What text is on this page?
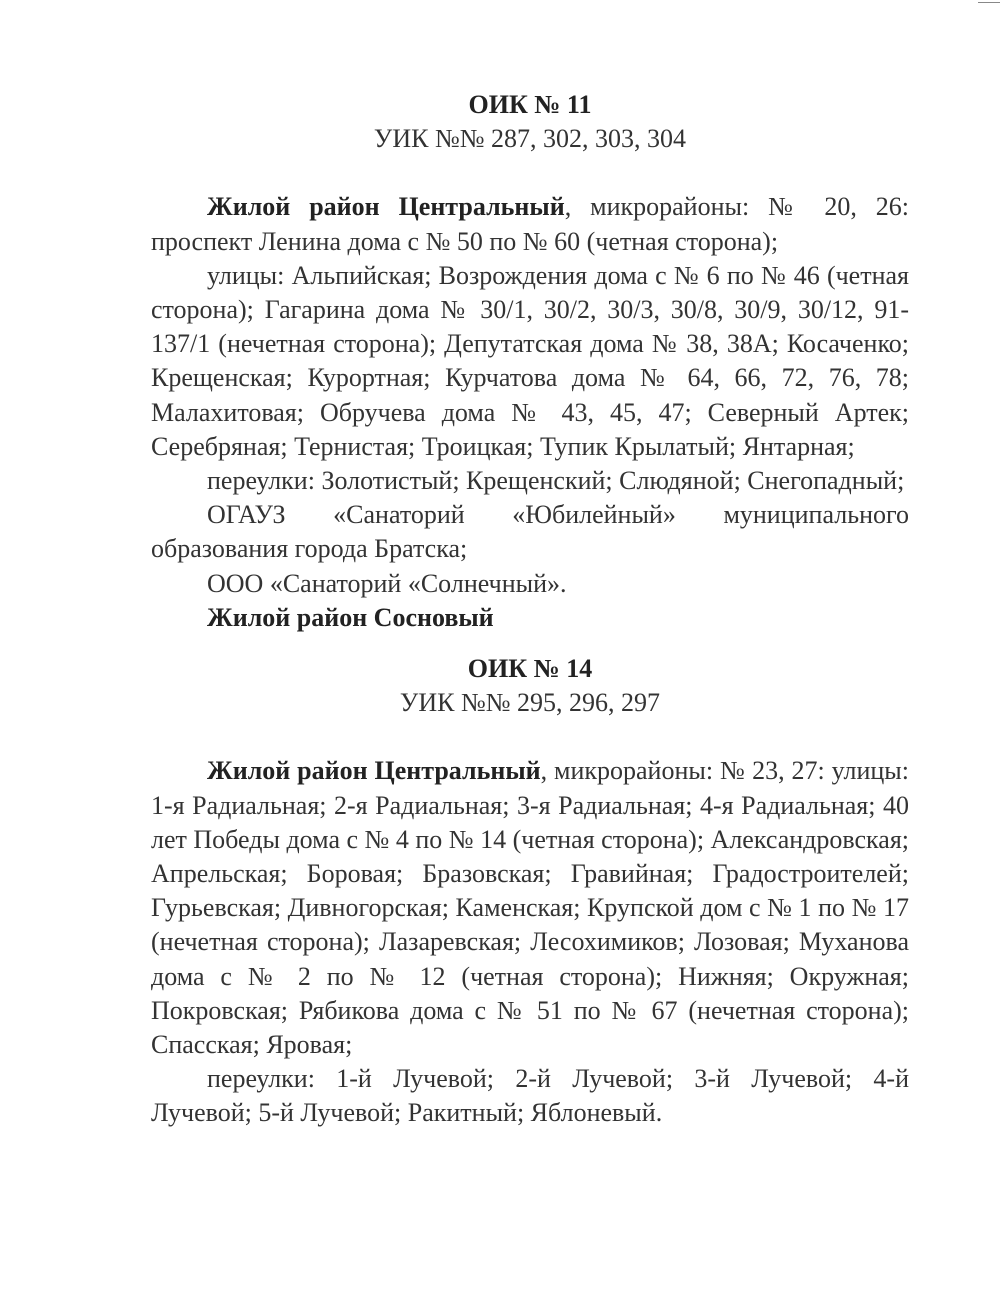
ОИК № 11
УИК №№ 287, 302, 303, 304

Жилой район Центральный, микрорайоны: № 20, 26: проспект Ленина дома с № 50 по № 60 (четная сторона);

улицы: Альпийская; Возрождения дома с № 6 по № 46 (четная сторона); Гагарина дома № 30/1, 30/2, 30/3, 30/8, 30/9, 30/12, 91-137/1 (нечетная сторона); Депутатская дома № 38, 38А; Косаченко; Крещенская; Курортная; Курчатова дома № 64, 66, 72, 76, 78; Малахитовая; Обручева дома № 43, 45, 47; Северный Артек; Серебряная; Тернистая; Троицкая; Тупик Крылатый; Янтарная;

переулки: Золотистый; Крещенский; Слюдяной; Снегопадный;

ОГАУЗ «Санаторий «Юбилейный» муниципального образования города Братска;

ООО «Санаторий «Солнечный».

Жилой район Сосновый
ОИК № 14
УИК №№ 295, 296, 297

Жилой район Центральный, микрорайоны: № 23, 27: улицы: 1-я Радиальная; 2-я Радиальная; 3-я Радиальная; 4-я Радиальная; 40 лет Победы дома с № 4 по № 14 (четная сторона); Александровская; Апрельская; Боровая; Бразовская; Гравийная; Градостроителей; Гурьевская; Дивногорская; Каменская; Крупской дом с № 1 по № 17 (нечетная сторона); Лазаревская; Лесохимиков; Лозовая; Муханова дома с № 2 по № 12 (четная сторона); Нижняя; Окружная; Покровская; Рябикова дома с № 51 по № 67 (нечетная сторона); Спасская; Яровая;

переулки: 1-й Лучевой; 2-й Лучевой; 3-й Лучевой; 4-й Лучевой; 5-й Лучевой; Ракитный; Яблоневый.
